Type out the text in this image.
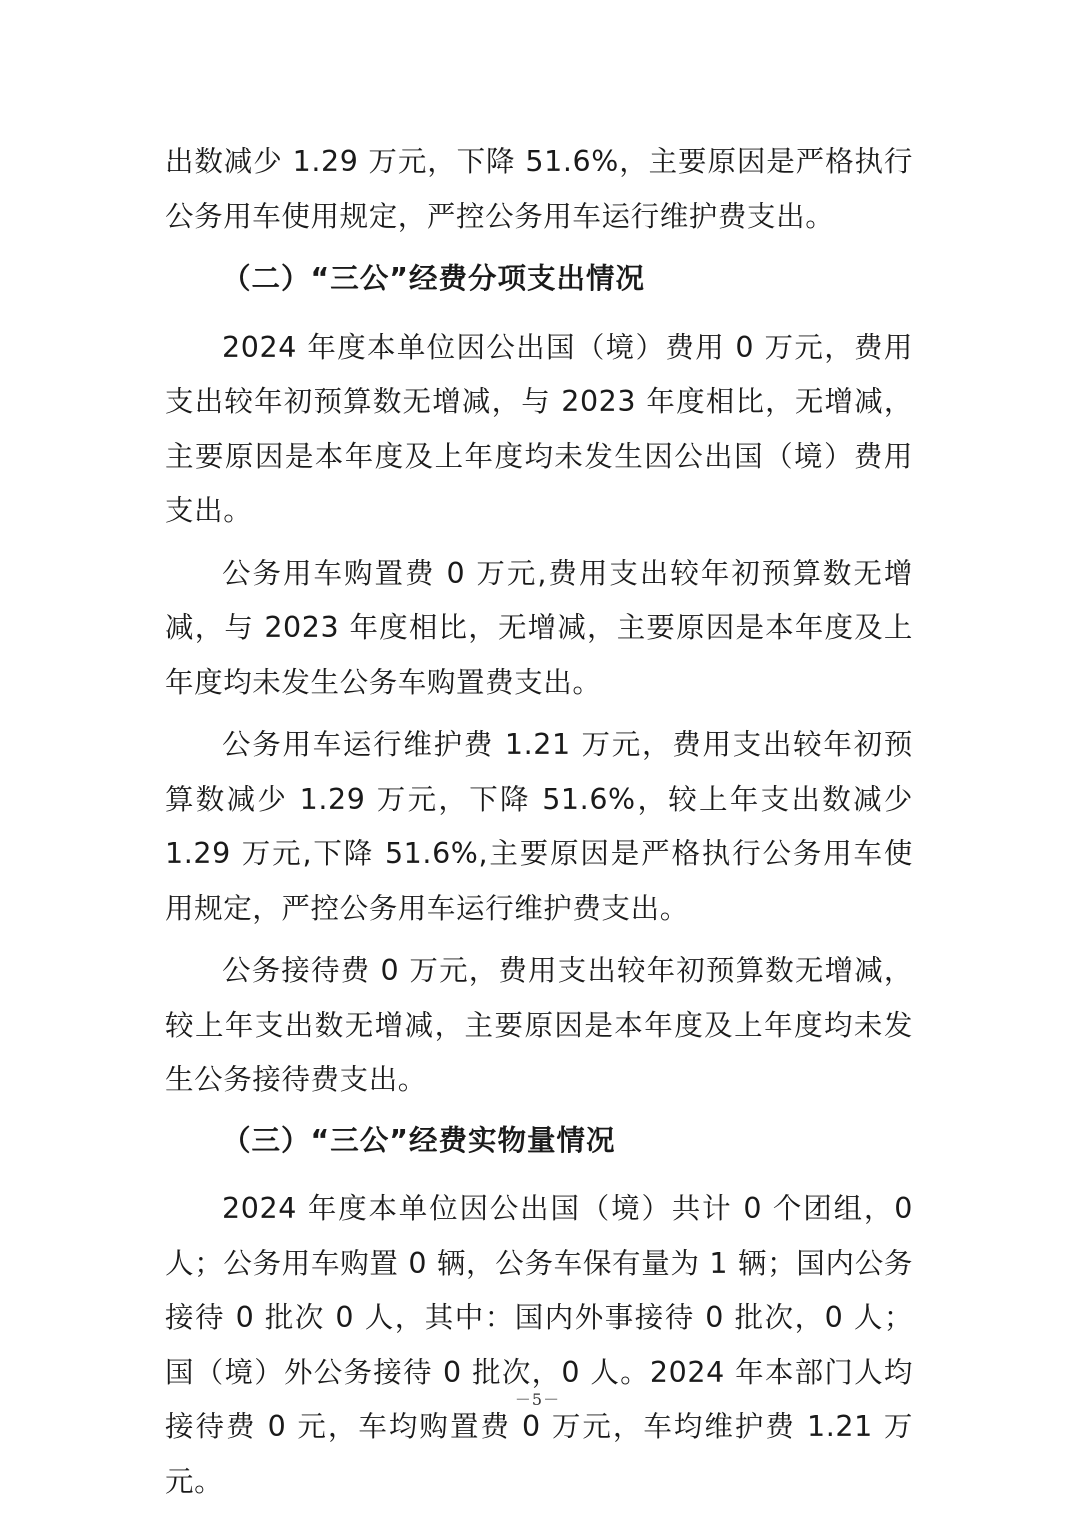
出数减少 1.29 万元，下降 51.6%，主要原因是严格执行公务用车使用规定，严控公务用车运行维护费支出。

（二）“三公”经费分项支出情况

2024 年度本单位因公出国（境）费用 0 万元，费用支出较年初预算数无增减，与 2023 年度相比，无增减，主要原因是本年度及上年度均未发生因公出国（境）费用支出。

公务用车购置费 0 万元,费用支出较年初预算数无增减，与 2023 年度相比，无增减，主要原因是本年度及上年度均未发生公务车购置费支出。

公务用车运行维护费 1.21 万元，费用支出较年初预算数减少 1.29 万元，下降 51.6%，较上年支出数减少 1.29 万元,下降 51.6%,主要原因是严格执行公务用车使用规定，严控公务用车运行维护费支出。

公务接待费 0 万元，费用支出较年初预算数无增减，较上年支出数无增减，主要原因是本年度及上年度均未发生公务接待费支出。

（三）“三公”经费实物量情况

2024 年度本单位因公出国（境）共计 0 个团组，0 人；公务用车购置 0 辆，公务车保有量为 1 辆；国内公务接待 0 批次 0 人，其中：国内外事接待 0 批次，0 人；国（境）外公务接待 0 批次，0 人。2024 年本部门人均接待费 0 元，车均购置费 0 万元，车均维护费 1.21 万元。

－5－
